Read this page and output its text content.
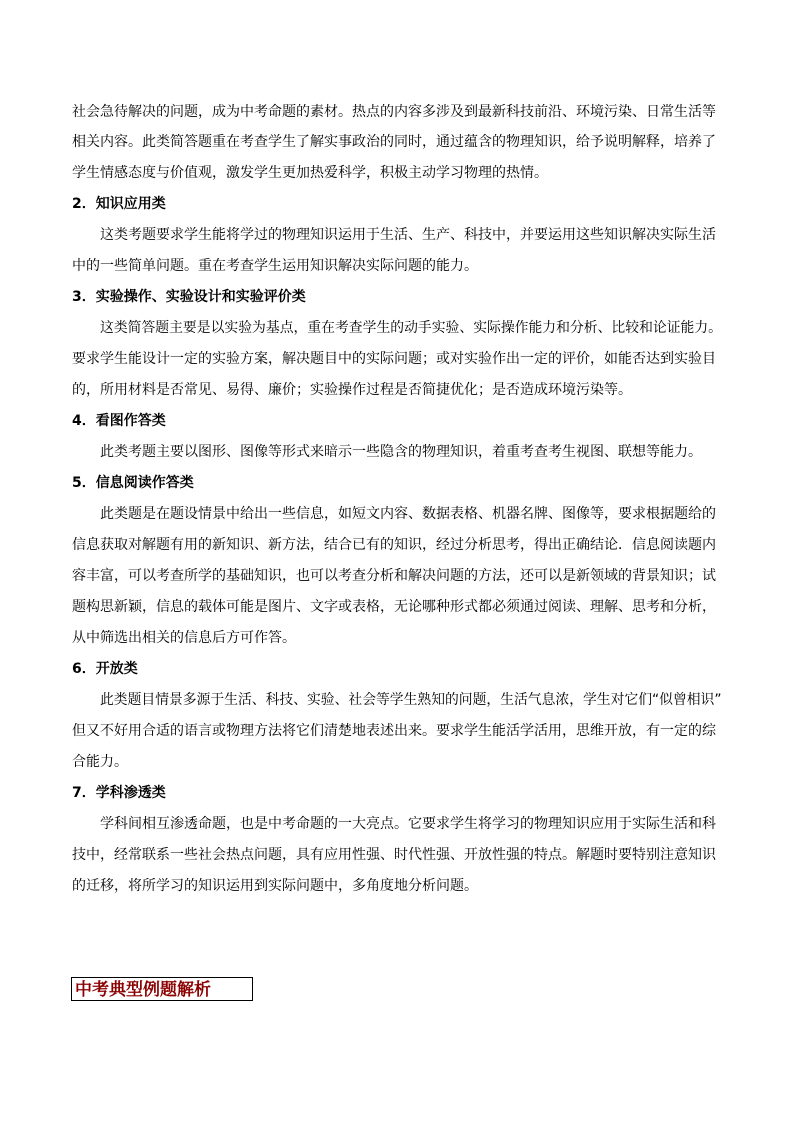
社会急待解决的问题，成为中考命题的素材。热点的内容多涉及到最新科技前沿、环境污染、日常生活等
相关内容。此类简答题重在考查学生了解实事政治的同时，通过蕴含的物理知识，给予说明解释，培养了
学生情感态度与价值观，激发学生更加热爱科学，积极主动学习物理的热情。
2．知识应用类
这类考题要求学生能将学过的物理知识运用于生活、生产、科技中，并要运用这些知识解决实际生活
中的一些简单问题。重在考查学生运用知识解决实际问题的能力。
3．实验操作、实验设计和实验评价类
这类简答题主要是以实验为基点，重在考查学生的动手实验、实际操作能力和分析、比较和论证能力。
要求学生能设计一定的实验方案，解决题目中的实际问题；或对实验作出一定的评价，如能否达到实验目
的，所用材料是否常见、易得、廉价；实验操作过程是否简捷优化；是否造成环境污染等。
4．看图作答类
此类考题主要以图形、图像等形式来暗示一些隐含的物理知识，着重考查考生视图、联想等能力。
5．信息阅读作答类
此类题是在题设情景中给出一些信息，如短文内容、数据表格、机器名牌、图像等，要求根据题给的
信息获取对解题有用的新知识、新方法，结合已有的知识，经过分析思考，得出正确结论．信息阅读题内
容丰富，可以考查所学的基础知识，也可以考查分析和解决问题的方法，还可以是新领域的背景知识；试
题构思新颖，信息的载体可能是图片、文字或表格，无论哪种形式都必须通过阅读、理解、思考和分析，
从中筛选出相关的信息后方可作答。
6．开放类
此类题目情景多源于生活、科技、实验、社会等学生熟知的问题，生活气息浓，学生对它们“似曾相识”
但又不好用合适的语言或物理方法将它们清楚地表述出来。要求学生能活学活用，思维开放，有一定的综
合能力。
7．学科渗透类
学科间相互渗透命题，也是中考命题的一大亮点。它要求学生将学习的物理知识应用于实际生活和科
技中，经常联系一些社会热点问题，具有应用性强、时代性强、开放性强的特点。解题时要特别注意知识
的迁移，将所学习的知识运用到实际问题中，多角度地分析问题。
中考典型例题解析
